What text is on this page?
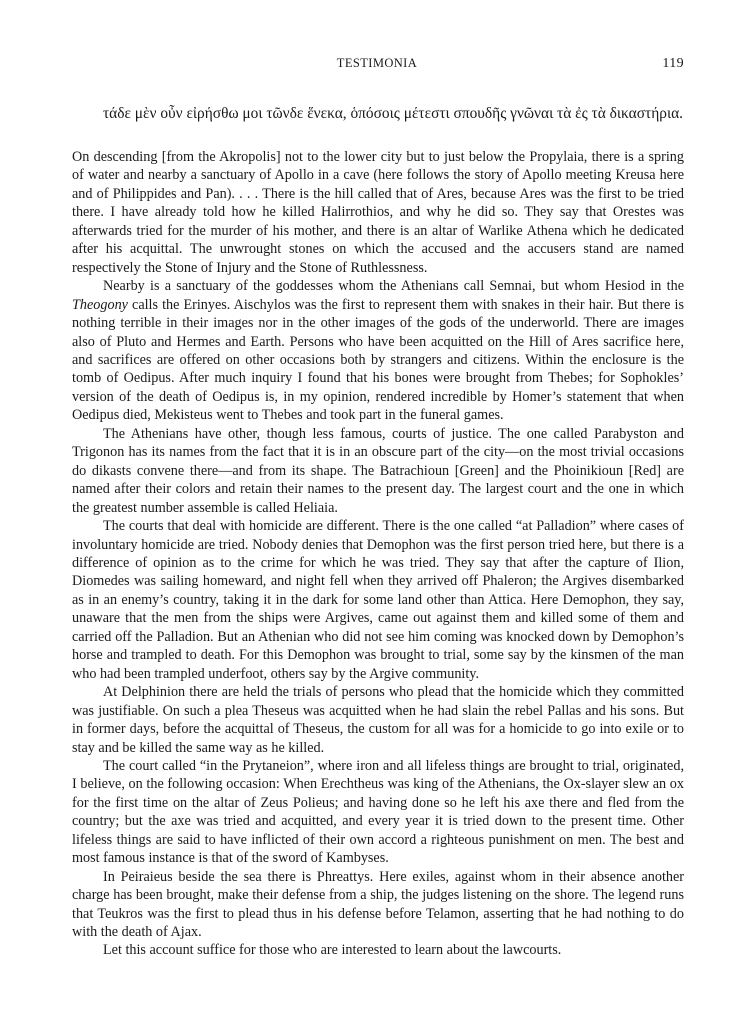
TESTIMONIA	119

τάδε μὲν οὖν εἰρήσθω μοι τῶνδε ἕνεκα, ὁπόσοις μέτεστι σπουδῆς γνῶναι τὰ ἐς τὰ δικαστήρια.

On descending [from the Akropolis] not to the lower city but to just below the Propylaia, there is a spring of water and nearby a sanctuary of Apollo in a cave (here follows the story of Apollo meeting Kreusa here and of Philippides and Pan). . . . There is the hill called that of Ares, because Ares was the first to be tried there. I have already told how he killed Halirrothios, and why he did so. They say that Orestes was afterwards tried for the murder of his mother, and there is an altar of Warlike Athena which he dedicated after his acquittal. The unwrought stones on which the accused and the accusers stand are named respectively the Stone of Injury and the Stone of Ruthlessness.

Nearby is a sanctuary of the goddesses whom the Athenians call Semnai, but whom Hesiod in the Theogony calls the Erinyes. Aischylos was the first to represent them with snakes in their hair. But there is nothing terrible in their images nor in the other images of the gods of the underworld. There are images also of Pluto and Hermes and Earth. Persons who have been acquitted on the Hill of Ares sacrifice here, and sacrifices are offered on other occasions both by strangers and citizens. Within the enclosure is the tomb of Oedipus. After much inquiry I found that his bones were brought from Thebes; for Sophokles’ version of the death of Oedipus is, in my opinion, rendered incredible by Homer’s statement that when Oedipus died, Mekisteus went to Thebes and took part in the funeral games.

The Athenians have other, though less famous, courts of justice. The one called Parabyston and Trigonon has its names from the fact that it is in an obscure part of the city—on the most trivial occasions do dikasts convene there—and from its shape. The Batrachioun [Green] and the Phoinikioun [Red] are named after their colors and retain their names to the present day. The largest court and the one in which the greatest number assemble is called Heliaia.

The courts that deal with homicide are different. There is the one called “at Palladion” where cases of involuntary homicide are tried. Nobody denies that Demophon was the first person tried here, but there is a difference of opinion as to the crime for which he was tried. They say that after the capture of Ilion, Diomedes was sailing homeward, and night fell when they arrived off Phaleron; the Argives disembarked as in an enemy’s country, taking it in the dark for some land other than Attica. Here Demophon, they say, unaware that the men from the ships were Argives, came out against them and killed some of them and carried off the Palladion. But an Athenian who did not see him coming was knocked down by Demophon’s horse and trampled to death. For this Demophon was brought to trial, some say by the kinsmen of the man who had been trampled underfoot, others say by the Argive community.

At Delphinion there are held the trials of persons who plead that the homicide which they committed was justifiable. On such a plea Theseus was acquitted when he had slain the rebel Pallas and his sons. But in former days, before the acquittal of Theseus, the custom for all was for a homicide to go into exile or to stay and be killed the same way as he killed.

The court called “in the Prytaneion”, where iron and all lifeless things are brought to trial, originated, I believe, on the following occasion: When Erechtheus was king of the Athenians, the Ox-slayer slew an ox for the first time on the altar of Zeus Polieus; and having done so he left his axe there and fled from the country; but the axe was tried and acquitted, and every year it is tried down to the present time. Other lifeless things are said to have inflicted of their own accord a righteous punishment on men. The best and most famous instance is that of the sword of Kambyses.

In Peiraieus beside the sea there is Phreattys. Here exiles, against whom in their absence another charge has been brought, make their defense from a ship, the judges listening on the shore. The legend runs that Teukros was the first to plead thus in his defense before Telamon, asserting that he had nothing to do with the death of Ajax.

Let this account suffice for those who are interested to learn about the lawcourts.
